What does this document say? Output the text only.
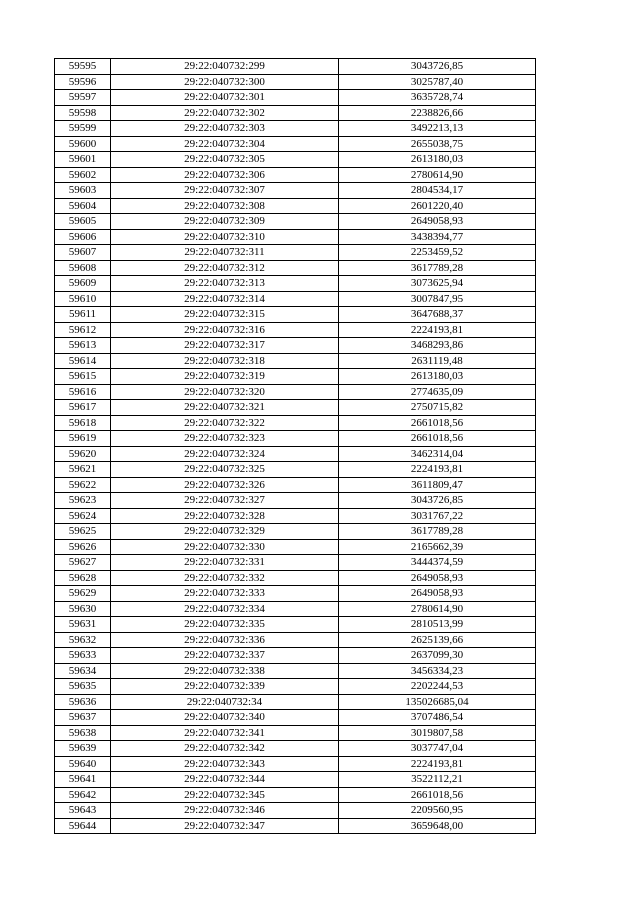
59595	29:22:040732:299	3043726,85
59596	29:22:040732:300	3025787,40
59597	29:22:040732:301	3635728,74
59598	29:22:040732:302	2238826,66
59599	29:22:040732:303	3492213,13
59600	29:22:040732:304	2655038,75
59601	29:22:040732:305	2613180,03
59602	29:22:040732:306	2780614,90
59603	29:22:040732:307	2804534,17
59604	29:22:040732:308	2601220,40
59605	29:22:040732:309	2649058,93
59606	29:22:040732:310	3438394,77
59607	29:22:040732:311	2253459,52
59608	29:22:040732:312	3617789,28
59609	29:22:040732:313	3073625,94
59610	29:22:040732:314	3007847,95
59611	29:22:040732:315	3647688,37
59612	29:22:040732:316	2224193,81
59613	29:22:040732:317	3468293,86
59614	29:22:040732:318	2631119,48
59615	29:22:040732:319	2613180,03
59616	29:22:040732:320	2774635,09
59617	29:22:040732:321	2750715,82
59618	29:22:040732:322	2661018,56
59619	29:22:040732:323	2661018,56
59620	29:22:040732:324	3462314,04
59621	29:22:040732:325	2224193,81
59622	29:22:040732:326	3611809,47
59623	29:22:040732:327	3043726,85
59624	29:22:040732:328	3031767,22
59625	29:22:040732:329	3617789,28
59626	29:22:040732:330	2165662,39
59627	29:22:040732:331	3444374,59
59628	29:22:040732:332	2649058,93
59629	29:22:040732:333	2649058,93
59630	29:22:040732:334	2780614,90
59631	29:22:040732:335	2810513,99
59632	29:22:040732:336	2625139,66
59633	29:22:040732:337	2637099,30
59634	29:22:040732:338	3456334,23
59635	29:22:040732:339	2202244,53
59636	29:22:040732:34	135026685,04
59637	29:22:040732:340	3707486,54
59638	29:22:040732:341	3019807,58
59639	29:22:040732:342	3037747,04
59640	29:22:040732:343	2224193,81
59641	29:22:040732:344	3522112,21
59642	29:22:040732:345	2661018,56
59643	29:22:040732:346	2209560,95
59644	29:22:040732:347	3659648,00
